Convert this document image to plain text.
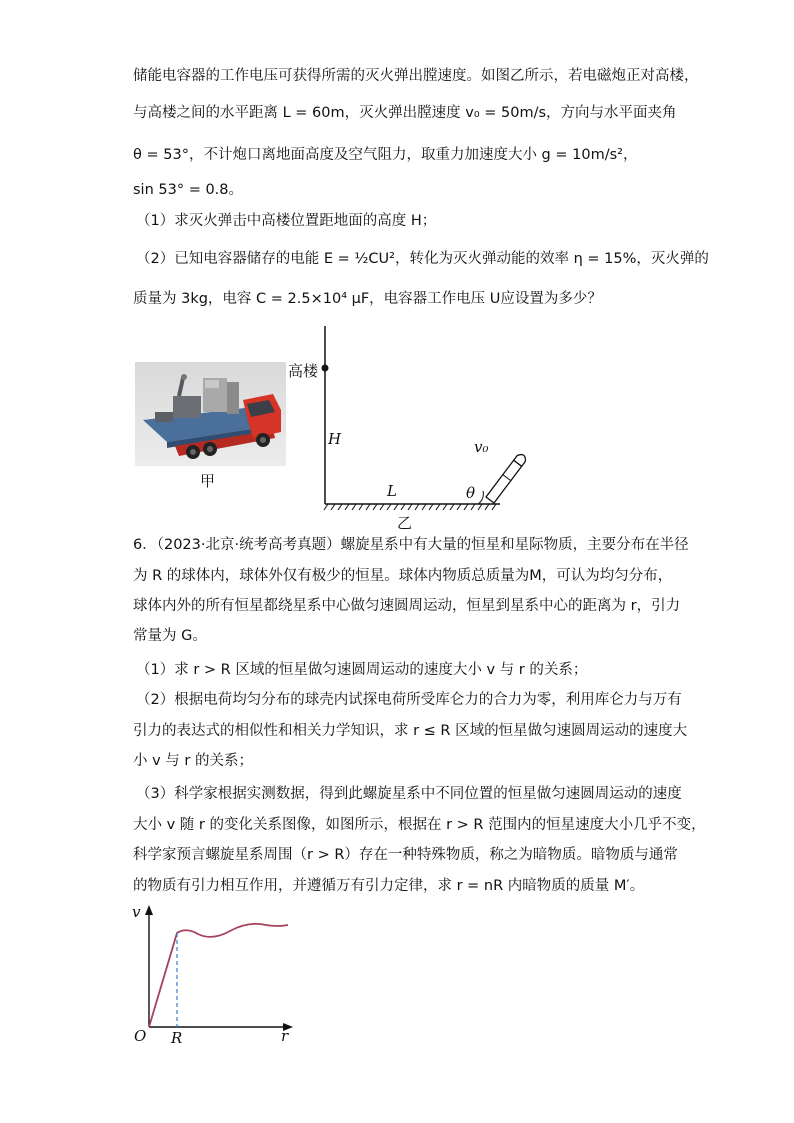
储能电容器的工作电压可获得所需的灭火弹出膛速度。如图乙所示，若电磁炮正对高楼，
与高楼之间的水平距离 L = 60m，灭火弹出膛速度 v₀ = 50m/s，方向与水平面夹角
θ = 53°，不计炮口离地面高度及空气阻力，取重力加速度大小 g = 10m/s²，
sin 53° = 0.8。
（1）求灭火弹击中高楼位置距地面的高度 H；
（2）已知电容器储存的电能 E = ½CU²，转化为灭火弹动能的效率 η = 15%，灭火弹的
质量为 3kg，电容 C = 2.5×10⁴ μF，电容器工作电压 U应设置为多少？
甲
高楼
H
L
v₀
θ
乙
6．（2023·北京·统考高考真题）螺旋星系中有大量的恒星和星际物质，主要分布在半径
为 R 的球体内，球体外仅有极少的恒星。球体内物质总质量为M，可认为均匀分布，
球体内外的所有恒星都绕星系中心做匀速圆周运动，恒星到星系中心的距离为 r，引力
常量为 G。
（1）求 r > R 区域的恒星做匀速圆周运动的速度大小 v 与 r 的关系；
（2）根据电荷均匀分布的球壳内试探电荷所受库仑力的合力为零，利用库仑力与万有
引力的表达式的相似性和相关力学知识，求 r ≤ R 区域的恒星做匀速圆周运动的速度大
小 v 与 r 的关系；
（3）科学家根据实测数据，得到此螺旋星系中不同位置的恒星做匀速圆周运动的速度
大小 v 随 r 的变化关系图像，如图所示，根据在 r > R 范围内的恒星速度大小几乎不变，
科学家预言螺旋星系周围（r > R）存在一种特殊物质，称之为暗物质。暗物质与通常
的物质有引力相互作用，并遵循万有引力定律，求 r = nR 内暗物质的质量 M′。
v
O R	r
